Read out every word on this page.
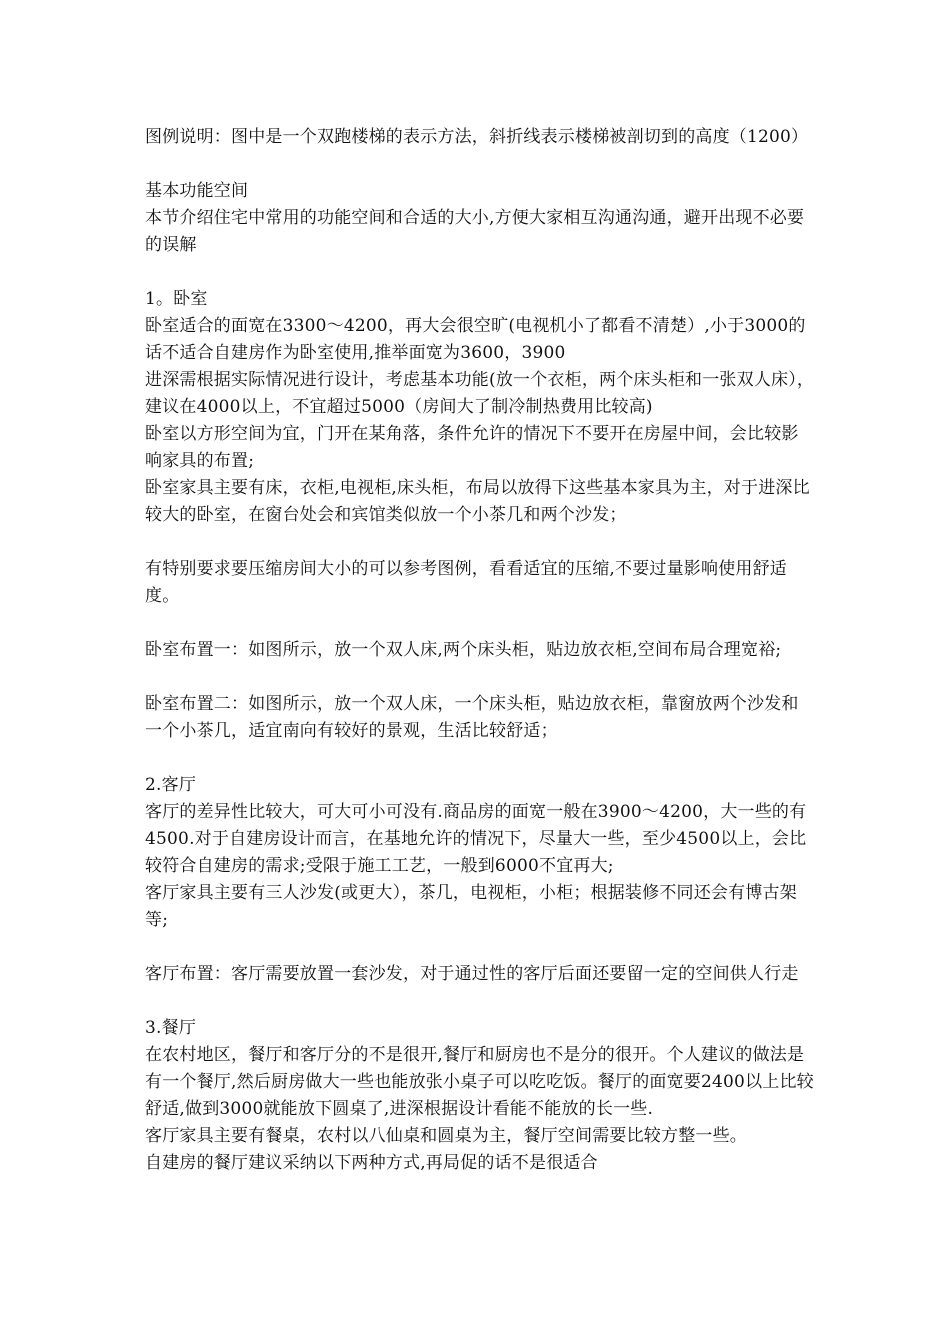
图例说明：图中是一个双跑楼梯的表示方法，斜折线表示楼梯被剖切到的高度（1200）

基本功能空间

本节介绍住宅中常用的功能空间和合适的大小,方便大家相互沟通沟通，避开出现不必要的误解

1。卧室

卧室适合的面宽在3300～4200，再大会很空旷(电视机小了都看不清楚）,小于3000的话不适合自建房作为卧室使用,推举面宽为3600，3900

进深需根据实际情况进行设计，考虑基本功能(放一个衣柜，两个床头柜和一张双人床），建议在4000以上，不宜超过5000（房间大了制冷制热费用比较高)

卧室以方形空间为宜，门开在某角落，条件允许的情况下不要开在房屋中间，会比较影响家具的布置;

卧室家具主要有床，衣柜,电视柜,床头柜，布局以放得下这些基本家具为主，对于进深比较大的卧室，在窗台处会和宾馆类似放一个小茶几和两个沙发；

有特别要求要压缩房间大小的可以参考图例，看看适宜的压缩,不要过量影响使用舒适度。

卧室布置一：如图所示，放一个双人床,两个床头柜，贴边放衣柜,空间布局合理宽裕;

卧室布置二：如图所示，放一个双人床，一个床头柜，贴边放衣柜，靠窗放两个沙发和一个小茶几，适宜南向有较好的景观，生活比较舒适；

2.客厅

客厅的差异性比较大，可大可小可没有.商品房的面宽一般在3900～4200，大一些的有4500.对于自建房设计而言，在基地允许的情况下，尽量大一些，至少4500以上，会比较符合自建房的需求;受限于施工工艺，一般到6000不宜再大;

客厅家具主要有三人沙发(或更大），茶几，电视柜，小柜；根据装修不同还会有博古架等;

客厅布置：客厅需要放置一套沙发，对于通过性的客厅后面还要留一定的空间供人行走

3.餐厅

在农村地区，餐厅和客厅分的不是很开,餐厅和厨房也不是分的很开。个人建议的做法是有一个餐厅,然后厨房做大一些也能放张小桌子可以吃吃饭。餐厅的面宽要2400以上比较舒适,做到3000就能放下圆桌了,进深根据设计看能不能放的长一些.

客厅家具主要有餐桌，农村以八仙桌和圆桌为主，餐厅空间需要比较方整一些。

自建房的餐厅建议采纳以下两种方式,再局促的话不是很适合
